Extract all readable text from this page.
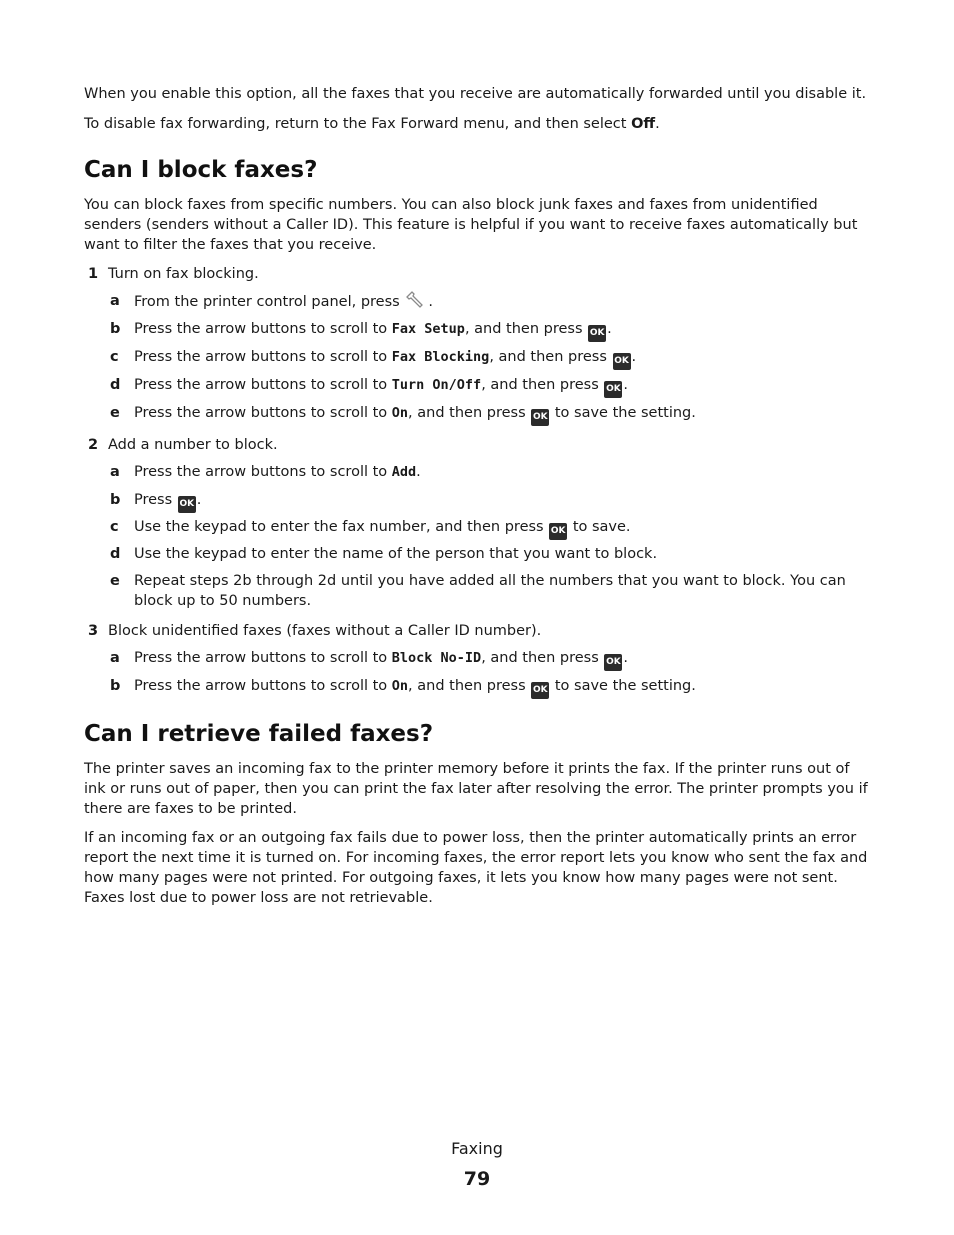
When you enable this option, all the faxes that you receive are automatically forwarded until you disable it.

To disable fax forwarding, return to the Fax Forward menu, and then select Off.

Can I block faxes?

You can block faxes from specific numbers. You can also block junk faxes and faxes from unidentified senders (senders without a Caller ID). This feature is helpful if you want to receive faxes automatically but want to filter the faxes that you receive.

1 Turn on fax blocking.
a From the printer control panel, press .
b Press the arrow buttons to scroll to Fax Setup, and then press OK .
c Press the arrow buttons to scroll to Fax Blocking, and then press OK .
d Press the arrow buttons to scroll to Turn On/Off, and then press OK .
e Press the arrow buttons to scroll to On, and then press OK to save the setting.
2 Add a number to block.
a Press the arrow buttons to scroll to Add.
b Press OK .
c Use the keypad to enter the fax number, and then press OK to save.
d Use the keypad to enter the name of the person that you want to block.
e Repeat steps 2b through 2d until you have added all the numbers that you want to block. You can block up to 50 numbers.
3 Block unidentified faxes (faxes without a Caller ID number).
a Press the arrow buttons to scroll to Block No-ID, and then press OK .
b Press the arrow buttons to scroll to On, and then press OK to save the setting.
Can I retrieve failed faxes?

The printer saves an incoming fax to the printer memory before it prints the fax. If the printer runs out of ink or runs out of paper, then you can print the fax later after resolving the error. The printer prompts you if there are faxes to be printed.

If an incoming fax or an outgoing fax fails due to power loss, then the printer automatically prints an error report the next time it is turned on. For incoming faxes, the error report lets you know who sent the fax and how many pages were not printed. For outgoing faxes, it lets you know how many pages were not sent. Faxes lost due to power loss are not retrievable.

Faxing
79
